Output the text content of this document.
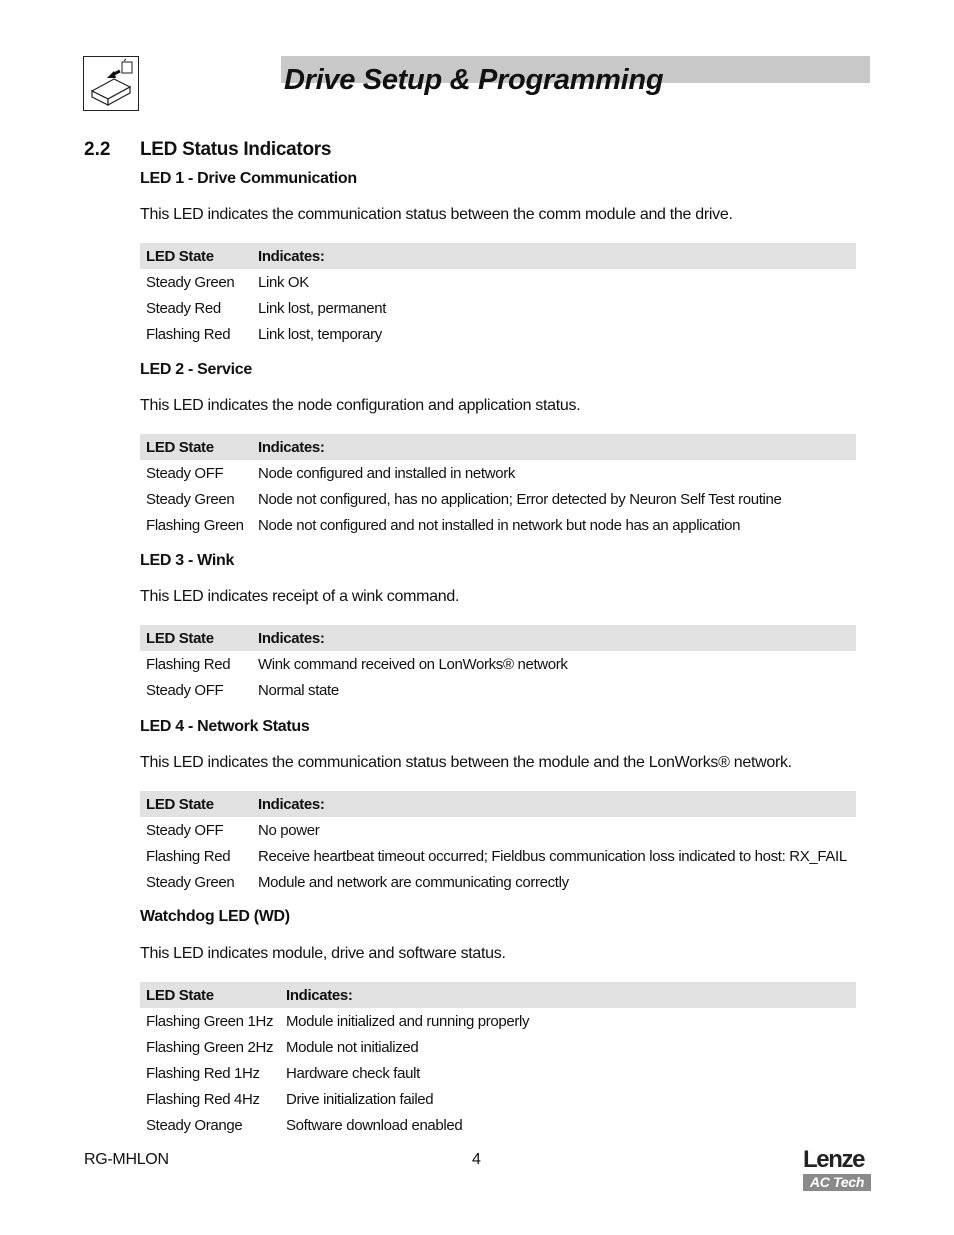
Drive Setup & Programming
2.2 LED Status Indicators
LED 1 - Drive Communication
This LED indicates the communication status between the comm module and the drive.
LED State	Indicates:
Steady Green	Link OK
Steady Red	Link lost, permanent
Flashing Red	Link lost, temporary
LED 2 - Service
This LED indicates the node configuration and application status.
LED State	Indicates:
Steady OFF	Node configured and installed in network
Steady Green	Node not configured, has no application; Error detected by Neuron Self Test routine
Flashing Green	Node not configured and not installed in network but node has an application
LED 3 - Wink
This LED indicates receipt of a wink command.
LED State	Indicates:
Flashing Red	Wink command received on LonWorks® network
Steady OFF	Normal state
LED 4 - Network Status
This LED indicates the communication status between the module and the LonWorks® network.
LED State	Indicates:
Steady OFF	No power
Flashing Red	Receive heartbeat timeout occurred; Fieldbus communication loss indicated to host: RX_FAIL
Steady Green	Module and network are communicating correctly
Watchdog LED (WD)
This LED indicates module, drive and software status.
LED State	Indicates:
Flashing Green 1Hz	Module initialized and running properly
Flashing Green 2Hz	Module not initialized
Flashing Red 1Hz	Hardware check fault
Flashing Red 4Hz	Drive initialization failed
Steady Orange	Software download enabled
RG-MHLON	4	Lenze
AC Tech
